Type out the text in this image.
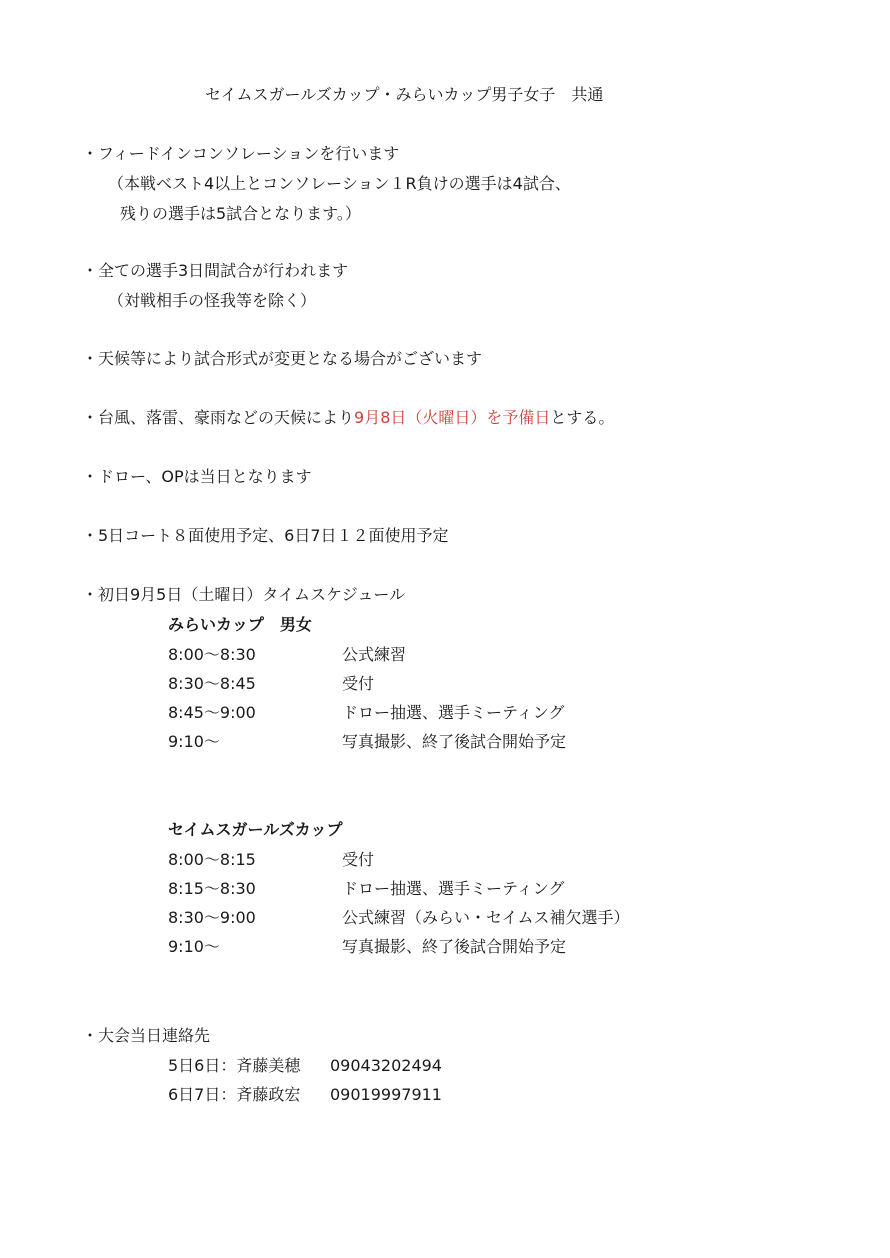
セイムスガールズカップ・みらいカップ男子女子　共通
・フィードインコンソレーションを行います
（本戦ベスト4以上とコンソレーション１R負けの選手は4試合、
残りの選手は5試合となります。）
・全ての選手3日間試合が行われます
（対戦相手の怪我等を除く）
・天候等により試合形式が変更となる場合がございます
・台風、落雷、豪雨などの天候により9月8日（火曜日）を予備日とする。
・ドロー、OPは当日となります
・5日コート８面使用予定、6日7日１２面使用予定
・初日9月5日（土曜日）タイムスケジュール
みらいカップ　男女
8:00～8:30	公式練習
8:30～8:45	受付
8:45～9:00	ドロー抽選、選手ミーティング
9:10～	写真撮影、終了後試合開始予定
セイムスガールズカップ
8:00～8:15	受付
8:15～8:30	ドロー抽選、選手ミーティング
8:30～9:00	公式練習（みらい・セイムス補欠選手）
9:10～	写真撮影、終了後試合開始予定
・大会当日連絡先
5日6日：斉藤美穂 09043202494
6日7日：斉藤政宏 09019997911
